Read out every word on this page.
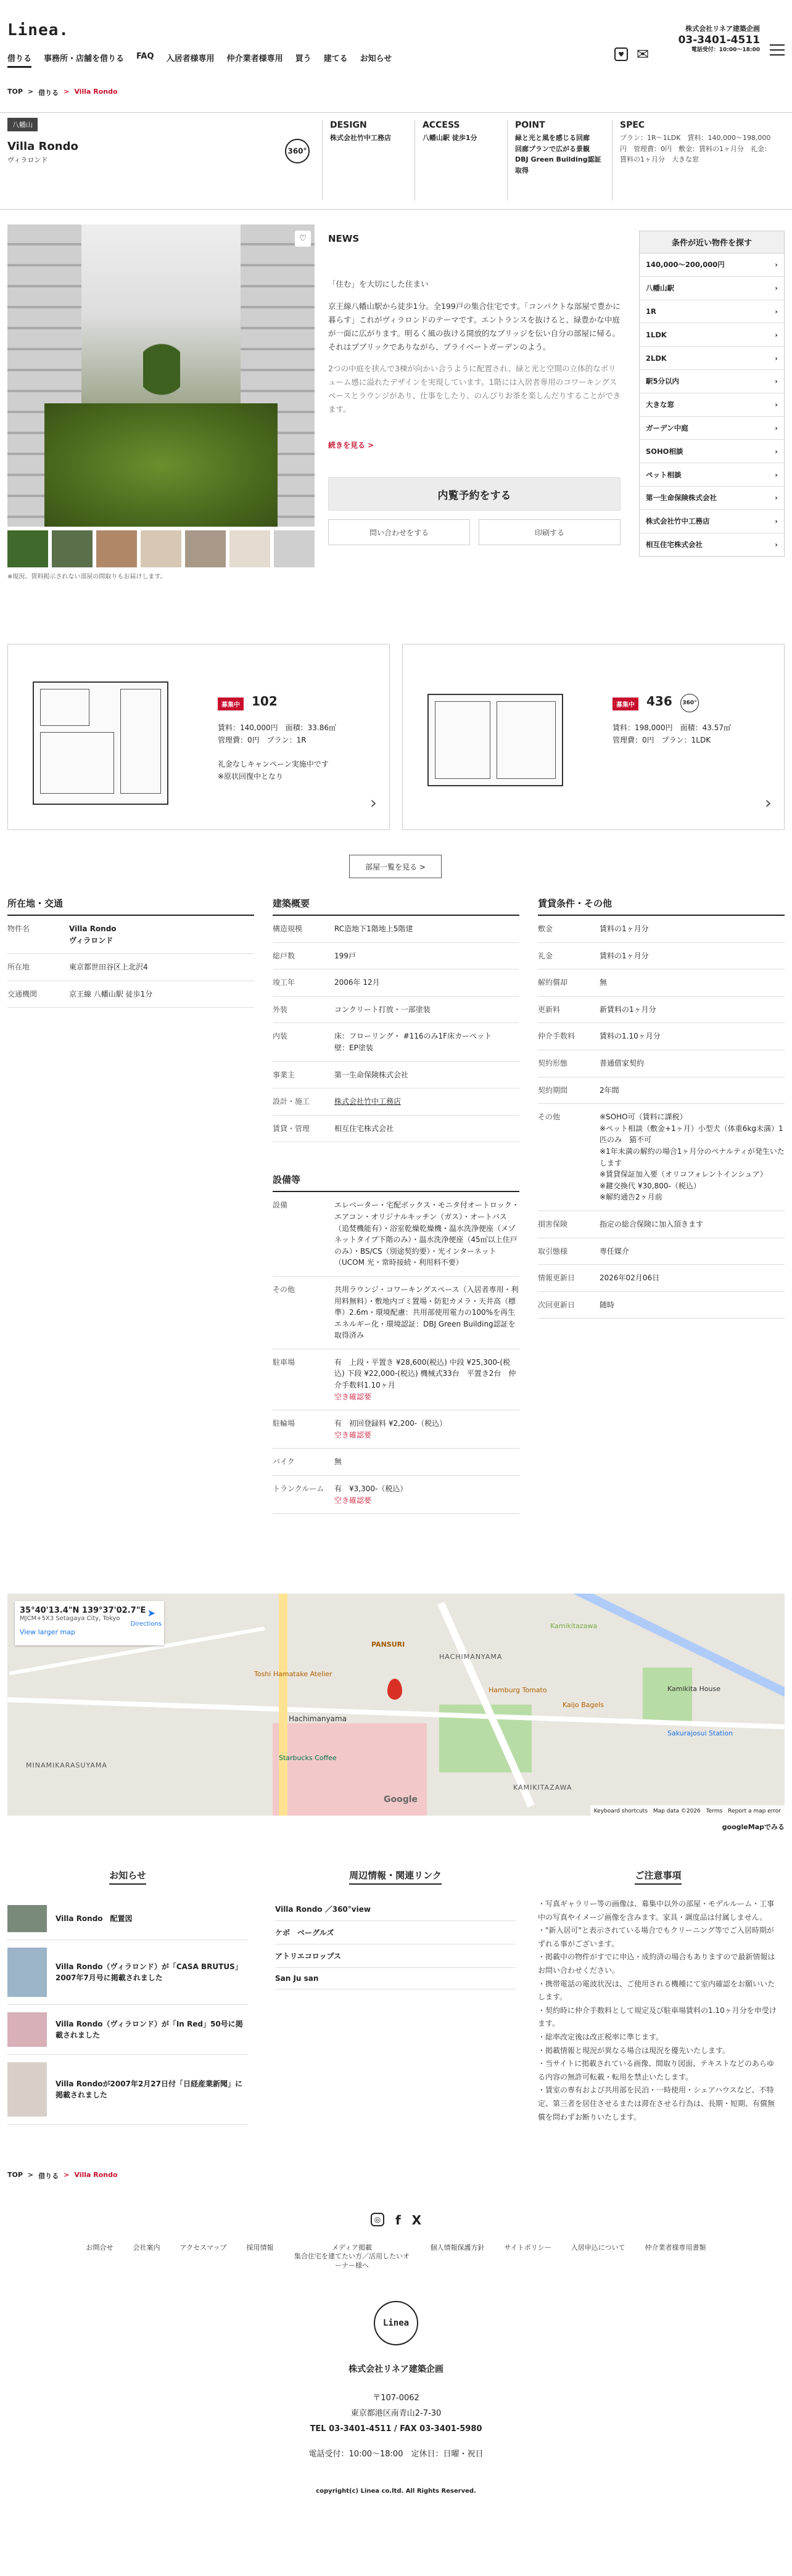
Linea.
借りる 事務所・店舗を借りる FAQ 入居者様専用 仲介業者様専用 買う 建てる お知らせ	♥ ✉
株式会社リネア建築企画
03-3401-4511
電話受付：10:00〜18:00
TOP > 借りる > Villa Rondo
八幡山
Villa Rondo
ヴィラロンド
360°
DESIGN

株式会社竹中工務店

ACCESS

八幡山駅 徒歩1分

POINT

緑と光と風を感じる回廊
回廊プランで広がる景観
DBJ Green Building認証取得

SPEC

プラン：1R〜1LDK　賃料：140,000〜198,000円　管理費：0円　敷金：賃料の1ヶ月分　礼金：賃料の1ヶ月分　大きな窓

♡
※現況、賃料掲示されない部屋の間取りもお届けします。
NEWS

「住む」を大切にした住まい

京王線八幡山駅から徒歩1分。全199戸の集合住宅です。「コンパクトな部屋で豊かに暮らす」これがヴィラロンドのテーマです。エントランスを抜けると、緑豊かな中庭が一面に広がります。明るく風の抜ける開放的なブリッジを伝い自分の部屋に帰る。それはプブリックでありながら、プライベートガーデンのよう。

2つの中庭を挟んで3棟が向かい合うように配置され、緑と光と空間の立体的なボリューム感に溢れたデザインを実現しています。1階には入居者専用のコワーキングスペースとラウンジがあり、仕事をしたり、のんびりお茶を楽しんだりすることができます。

続きを見る >
内覧予約をする
問い合わせをする	印刷する
条件が近い物件を探す
140,000〜200,000円	›
八幡山駅	›
1R	›
1LDK	›
2LDK	›
駅5分以内	›
大きな窓	›
ガーデン中庭	›
SOHO相談	›
ペット相談	›
第一生命保険株式会社	›
株式会社竹中工務店	›
相互住宅株式会社	›
募集中 102
賃料：140,000円　 面積：33.86㎡
管理費：0円　 プラン：1R

礼金なしキャンペーン実施中です
※原状回復中となり
›
募集中 436	360°
賃料：198,000円　 面積：43.57㎡
管理費：0円　 プラン：1LDK
›
部屋一覧を見る >
所在地・交通
物件名	Villa Rondo
ヴィラロンド
所在地	東京都世田谷区上北沢4
交通機関	京王線 八幡山駅 徒歩1分
建築概要
構造規模	RC造地下1階地上5階建
総戸数	199戸
竣工年	2006年 12月
外装	コンクリート打放・一部塗装
内装	床：フローリング・ #116のみ1F床カーペット
壁：EP塗装
事業主	第一生命保険株式会社
設計・施工	株式会社竹中工務店
賃貸・管理	相互住宅株式会社
設備等
設備	エレベーター・宅配ボックス・モニタ付オートロック・エアコン・オリジナルキッチン（ガス）・オートバス（追焚機能有）・浴室乾燥乾燥機・温水洗浄便座（メゾネットタイプ下階のみ）・温水洗浄便座（45㎡以上住戸のみ）・BS/CS（別途契約要）・光インターネット（UCOM 光・常時接続・利用料不要）
その他	共用ラウンジ・コワーキングスペース（入居者専用・利用料無料）・敷地内ゴミ置場・防犯カメラ・天井高（標準）2.6m・環境配慮：共用部使用電力の100%を再生エネルギー化・環境認証：DBJ Green Building認証を取得済み
駐車場	有　上段・平置き ¥28,600(税込) 中段 ¥25,300-(税込) 下段 ¥22,000-(税込) 機械式33台　平置き2台　仲介手数料1.10ヶ月
空き確認要
駐輪場	有　初回登録料 ¥2,200-（税込）
空き確認要
バイク	無
トランクルーム	有　¥3,300-（税込）
空き確認要
賃貸条件・その他
敷金	賃料の1ヶ月分
礼金	賃料の1ヶ月分
解約償却	無
更新料	新賃料の1ヶ月分
仲介手数料	賃料の1.10ヶ月分
契約形態	普通借家契約
契約期間	2年間
その他	※SOHO可（賃料に課税）
※ペット相談（敷金+1ヶ月）小型犬（体重6kg未満）1匹のみ　猫不可
※1年未満の解約の場合1ヶ月分のペナルティが発生いたします
※賃貸保証加入要（オリコフォレントインシュア）
※鍵交換代 ¥30,800-（税込）
※解約通告2ヶ月前
損害保険	指定の総合保険に加入頂きます
取引態様	専任媒介
情報更新日	2026年02月06日
次回更新日	随時
PANSURI
Toshi Hamatake Atelier
Hachimanyama
Starbucks Coffee
Kamikitazawa
KAMIKITAZAWA
HACHIMANYAMA
MINAMIKARASUYAMA
Sakurajosui Station
Kamikita House
Hamburg Tomato
Kaijo Bagels
Google
35°40'13.4"N 139°37'02.7"E
MJCM+5X3 Setagaya City, Tokyo
View larger map
➤
Directions
Keyboard shortcuts　Map data ©2026　Terms　Report a map error
googleMapでみる
お知らせ
Villa Rondo　配置図
Villa Rondo（ヴィラロンド）が「CASA BRUTUS」2007年7月号に掲載されました
Villa Rondo（ヴィラロンド）が「In Red」50号に掲載されました
Villa Rondoが2007年2月27日付「日経産業新聞」に掲載されました
周辺情報・関連リンク
Villa Rondo ／360°view
ケボ　ベーグルズ
アトリエコロップス
San Ju san
ご注意事項

・写真ギャラリー等の画像は、募集中以外の部屋・モデルルーム・工事中の写真やイメージ画像を含みます。家具・調度品は付属しません。

・"新入居可"と表示されている場合でもクリーニング等でご入居時期がずれる事がございます。

・掲載中の物件がすでに申込・成約済の場合もありますので最新情報はお問い合わせください。

・携帯電話の電波状況は、ご使用される機種にて室内確認をお願いいたします。

・契約時に仲介手数料として規定及び駐車場賃料の1.10ヶ月分を申受けます。

・総率改定後は改正税率に準じます。

・掲載情報と現況が異なる場合は現況を優先いたします。

・当サイトに掲載されている画像、間取り図面、テキストなどのあらゆる内容の無許可転載・転用を禁止いたします。

・賃室の専有および共用部を民泊・一時使用・シェアハウスなど、不特定、第三者を居住させるまたは滞在させる行為は、長期・短期、有償無償を問わずお断りいたします。

TOP > 借りる > Villa Rondo
◎ f X
お問合せ	会社案内	アクセスマップ	採用情報	メディア掲載
集合住宅を建てたい方／活用したいオーナー様へ
個人情報保護方針	サイトポリシー	入居申込について	仲介業者様専用書類
Linea
株式会社リネア建築企画
〒107-0062
東京都港区南青山2-7-30
TEL 03-3401-4511 / FAX 03-3401-5980
電話受付：10:00〜18:00　定休日：日曜・祝日
copyright(c) Linea co.ltd. All Rights Reserved.
